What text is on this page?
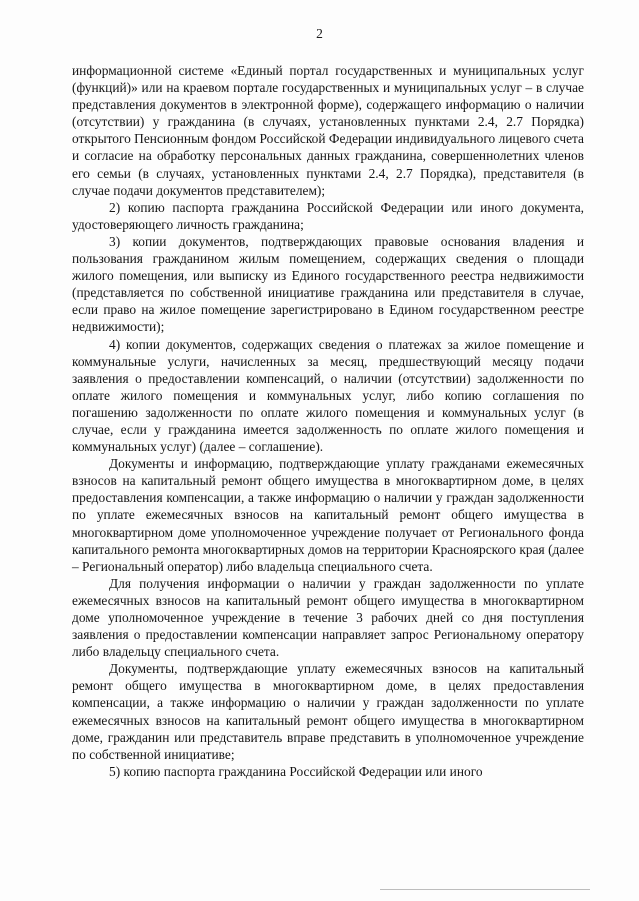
2

информационной системе «Единый портал государственных и муниципальных услуг (функций)» или на краевом портале государственных и муниципальных услуг – в случае представления документов в электронной форме), содержащего информацию о наличии (отсутствии) у гражданина (в случаях, установленных пунктами 2.4, 2.7 Порядка) открытого Пенсионным фондом Российской Федерации индивидуального лицевого счета и согласие на обработку персональных данных гражданина, совершеннолетних членов его семьи (в случаях, установленных пунктами 2.4, 2.7 Порядка), представителя (в случае подачи документов представителем);

2) копию паспорта гражданина Российской Федерации или иного документа, удостоверяющего личность гражданина;

3) копии документов, подтверждающих правовые основания владения и пользования гражданином жилым помещением, содержащих сведения о площади жилого помещения, или выписку из Единого государственного реестра недвижимости (представляется по собственной инициативе гражданина или представителя в случае, если право на жилое помещение зарегистрировано в Едином государственном реестре недвижимости);

4) копии документов, содержащих сведения о платежах за жилое помещение и коммунальные услуги, начисленных за месяц, предшествующий месяцу подачи заявления о предоставлении компенсаций, о наличии (отсутствии) задолженности по оплате жилого помещения и коммунальных услуг, либо копию соглашения по погашению задолженности по оплате жилого помещения и коммунальных услуг (в случае, если у гражданина имеется задолженность по оплате жилого помещения и коммунальных услуг) (далее – соглашение).

Документы и информацию, подтверждающие уплату гражданами ежемесячных взносов на капитальный ремонт общего имущества в многоквартирном доме, в целях предоставления компенсации, а также информацию о наличии у граждан задолженности по уплате ежемесячных взносов на капитальный ремонт общего имущества в многоквартирном доме уполномоченное учреждение получает от Регионального фонда капитального ремонта многоквартирных домов на территории Красноярского края (далее – Региональный оператор) либо владельца специального счета.

Для получения информации о наличии у граждан задолженности по уплате ежемесячных взносов на капитальный ремонт общего имущества в многоквартирном доме уполномоченное учреждение в течение 3 рабочих дней со дня поступления заявления о предоставлении компенсации направляет запрос Региональному оператору либо владельцу специального счета.

Документы, подтверждающие уплату ежемесячных взносов на капитальный ремонт общего имущества в многоквартирном доме, в целях предоставления компенсации, а также информацию о наличии у граждан задолженности по уплате ежемесячных взносов на капитальный ремонт общего имущества в многоквартирном доме, гражданин или представитель вправе представить в уполномоченное учреждение по собственной инициативе;

5) копию паспорта гражданина Российской Федерации или иного
